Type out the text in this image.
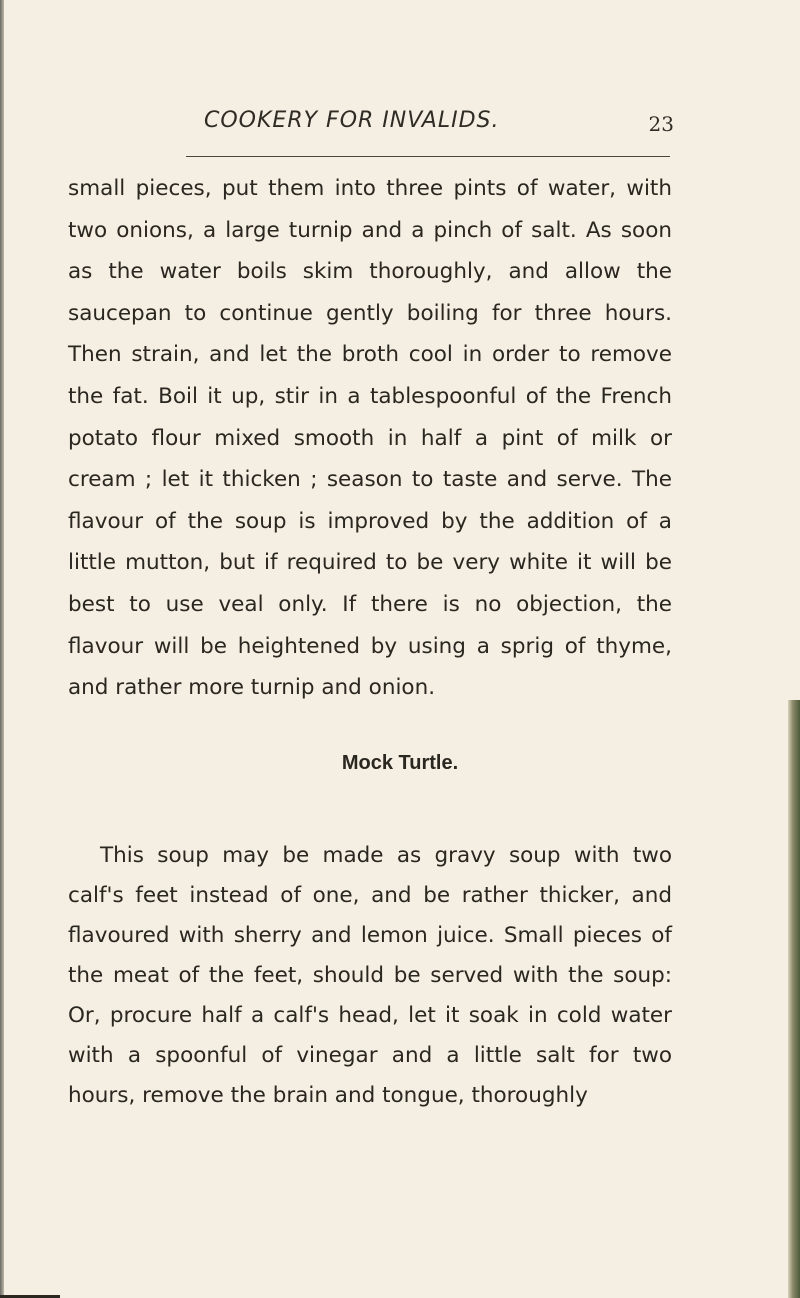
COOKERY FOR INVALIDS.	23

small pieces, put them into three pints of water, with two onions, a large turnip and a pinch of salt. As soon as the water boils skim thoroughly, and allow the saucepan to continue gently boiling for three hours. Then strain, and let the broth cool in order to remove the fat. Boil it up, stir in a tablespoonful of the French potato flour mixed smooth in half a pint of milk or cream ; let it thicken ; season to taste and serve. The flavour of the soup is improved by the addition of a little mutton, but if required to be very white it will be best to use veal only. If there is no objection, the flavour will be heightened by using a sprig of thyme, and rather more turnip and onion.

Mock Turtle.

This soup may be made as gravy soup with two calf's feet instead of one, and be rather thicker, and flavoured with sherry and lemon juice. Small pieces of the meat of the feet, should be served with the soup: Or, procure half a calf's head, let it soak in cold water with a spoonful of vinegar and a little salt for two hours, remove the brain and tongue, thoroughly
